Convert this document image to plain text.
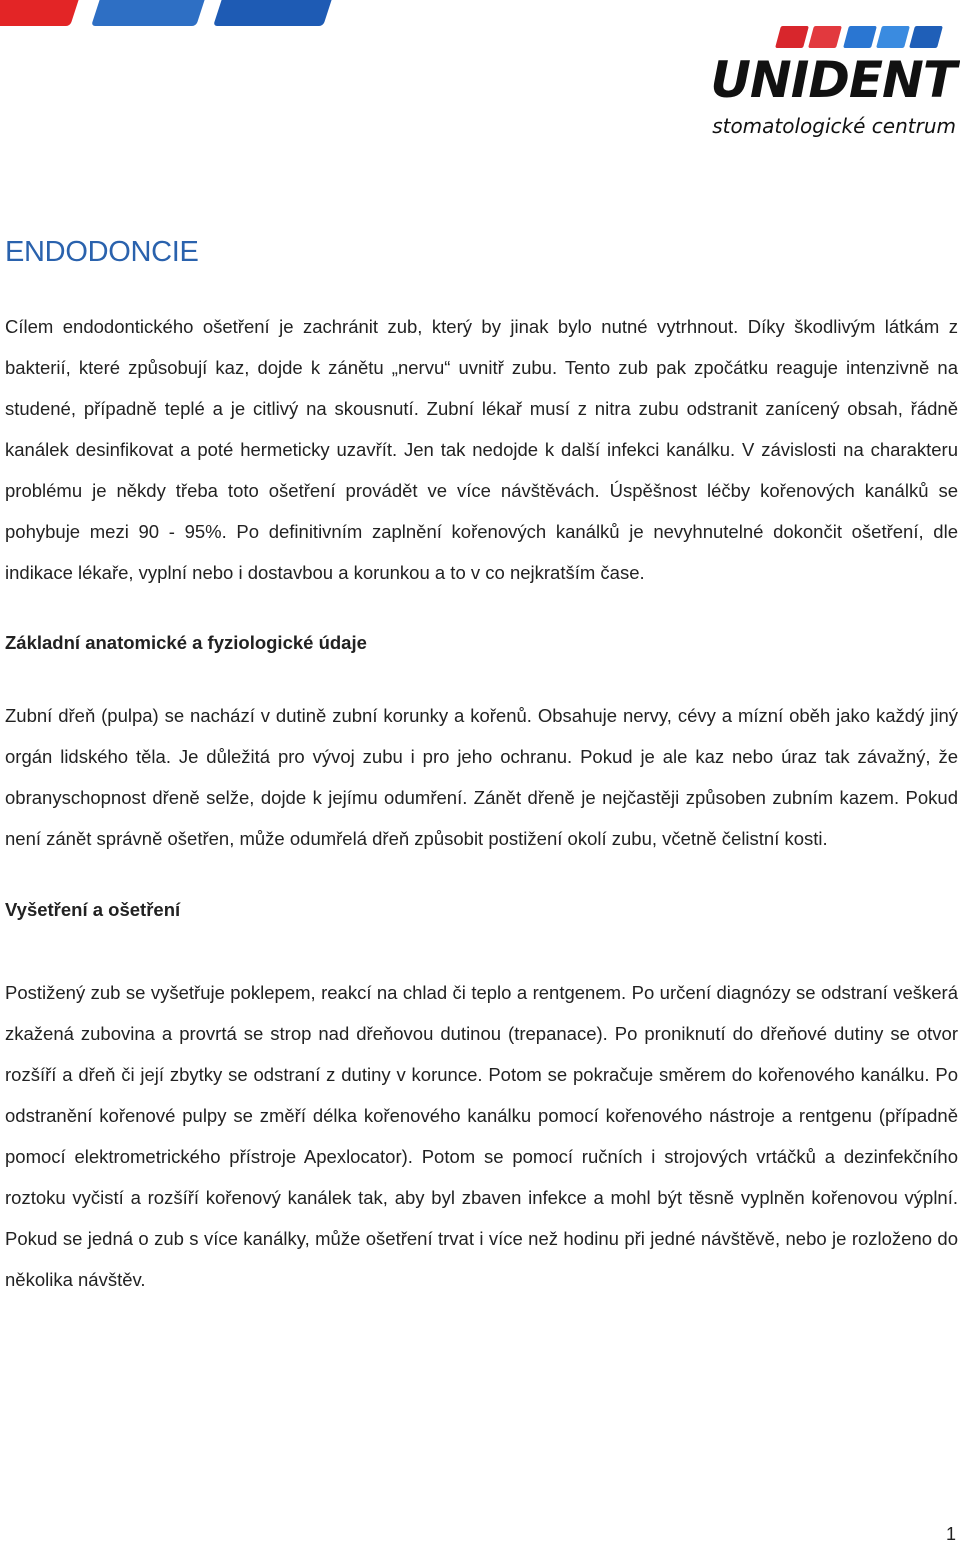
UNIDENT
stomatologické centrum
ENDODONCIE

Cílem endodontického ošetření je zachránit zub, který by jinak bylo nutné vytrhnout. Díky škodlivým látkám z bakterií, které způsobují kaz, dojde k zánětu „nervu“ uvnitř zubu. Tento zub pak zpočátku reaguje intenzivně na studené, případně teplé a je citlivý na skousnutí. Zubní lékař musí z nitra zubu odstranit zanícený obsah, řádně kanálek desinfikovat a poté hermeticky uzavřít. Jen tak nedojde k další infekci kanálku. V závislosti na charakteru problému je někdy třeba toto ošetření provádět ve více návštěvách. Úspěšnost léčby kořenových kanálků se pohybuje mezi 90 - 95%. Po definitivním zaplnění kořenových kanálků je nevyhnutelné dokončit ošetření, dle indikace lékaře, vyplní nebo i dostavbou a korunkou a to v co nejkratším čase.

Základní anatomické a fyziologické údaje

Zubní dřeň (pulpa) se nachází v dutině zubní korunky a kořenů. Obsahuje nervy, cévy a mízní oběh jako každý jiný orgán lidského těla. Je důležitá pro vývoj zubu i pro jeho ochranu. Pokud je ale kaz nebo úraz tak závažný, že obranyschopnost dřeně selže, dojde k jejímu odumření. Zánět dřeně je nejčastěji způsoben zubním kazem. Pokud není zánět správně ošetřen, může odumřelá dřeň způsobit postižení okolí zubu, včetně čelistní kosti.

Vyšetření a ošetření

Postižený zub se vyšetřuje poklepem, reakcí na chlad či teplo a rentgenem. Po určení diagnózy se odstraní veškerá zkažená zubovina a provrtá se strop nad dřeňovou dutinou (trepanace). Po proniknutí do dřeňové dutiny se otvor rozšíří a dřeň či její zbytky se odstraní z dutiny v korunce. Potom se pokračuje směrem do kořenového kanálku. Po odstranění kořenové pulpy se změří délka kořenového kanálku pomocí kořenového nástroje a rentgenu (případně pomocí elektrometrického přístroje Apexlocator). Potom se pomocí ručních i strojových vrtáčků a dezinfekčního roztoku vyčistí a rozšíří kořenový kanálek tak, aby byl zbaven infekce a mohl být těsně vyplněn kořenovou výplní. Pokud se jedná o zub s více kanálky, může ošetření trvat i více než hodinu při jedné návštěvě, nebo je rozloženo do několika návštěv.

1
